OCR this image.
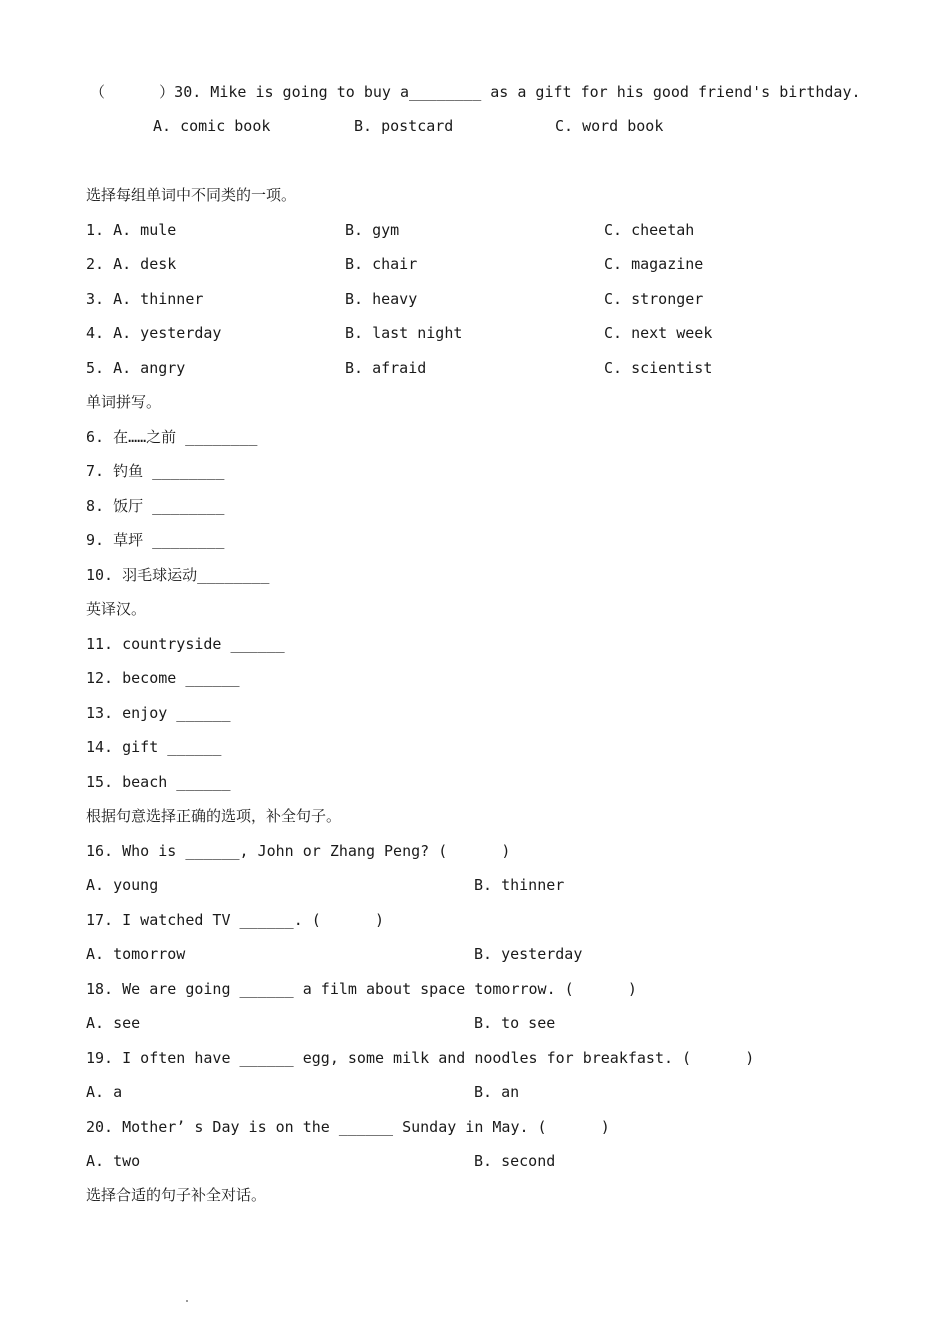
（      ）30. Mike is going to buy a________ as a gift for his good friend's birthday.
A. comic book	B. postcard	C. word book
选择每组单词中不同类的一项。
1. A. mule	B. gym	C. cheetah
2. A. desk	B. chair	C. magazine
3. A. thinner	B. heavy	C. stronger
4. A. yesterday	B. last night	C. next week
5. A. angry	B. afraid	C. scientist
单词拼写。
6. 在……之前 ________
7. 钓鱼 ________
8. 饭厅 ________
9. 草坪 ________
10. 羽毛球运动________
英译汉。
11. countryside ______
12. become ______
13. enjoy ______
14. gift ______
15. beach ______
根据句意选择正确的选项，补全句子。
16. Who is ______, John or Zhang Peng? (      )
A. young	B. thinner
17. I watched TV ______. (      )
A. tomorrow	B. yesterday
18. We are going ______ a film about space tomorrow. (      )
A. see	B. to see
19. I often have ______ egg, some milk and noodles for breakfast. (      )
A. a	B. an
20. Mother’ s Day is on the ______ Sunday in May. (      )
A. two	B. second
选择合适的句子补全对话。
